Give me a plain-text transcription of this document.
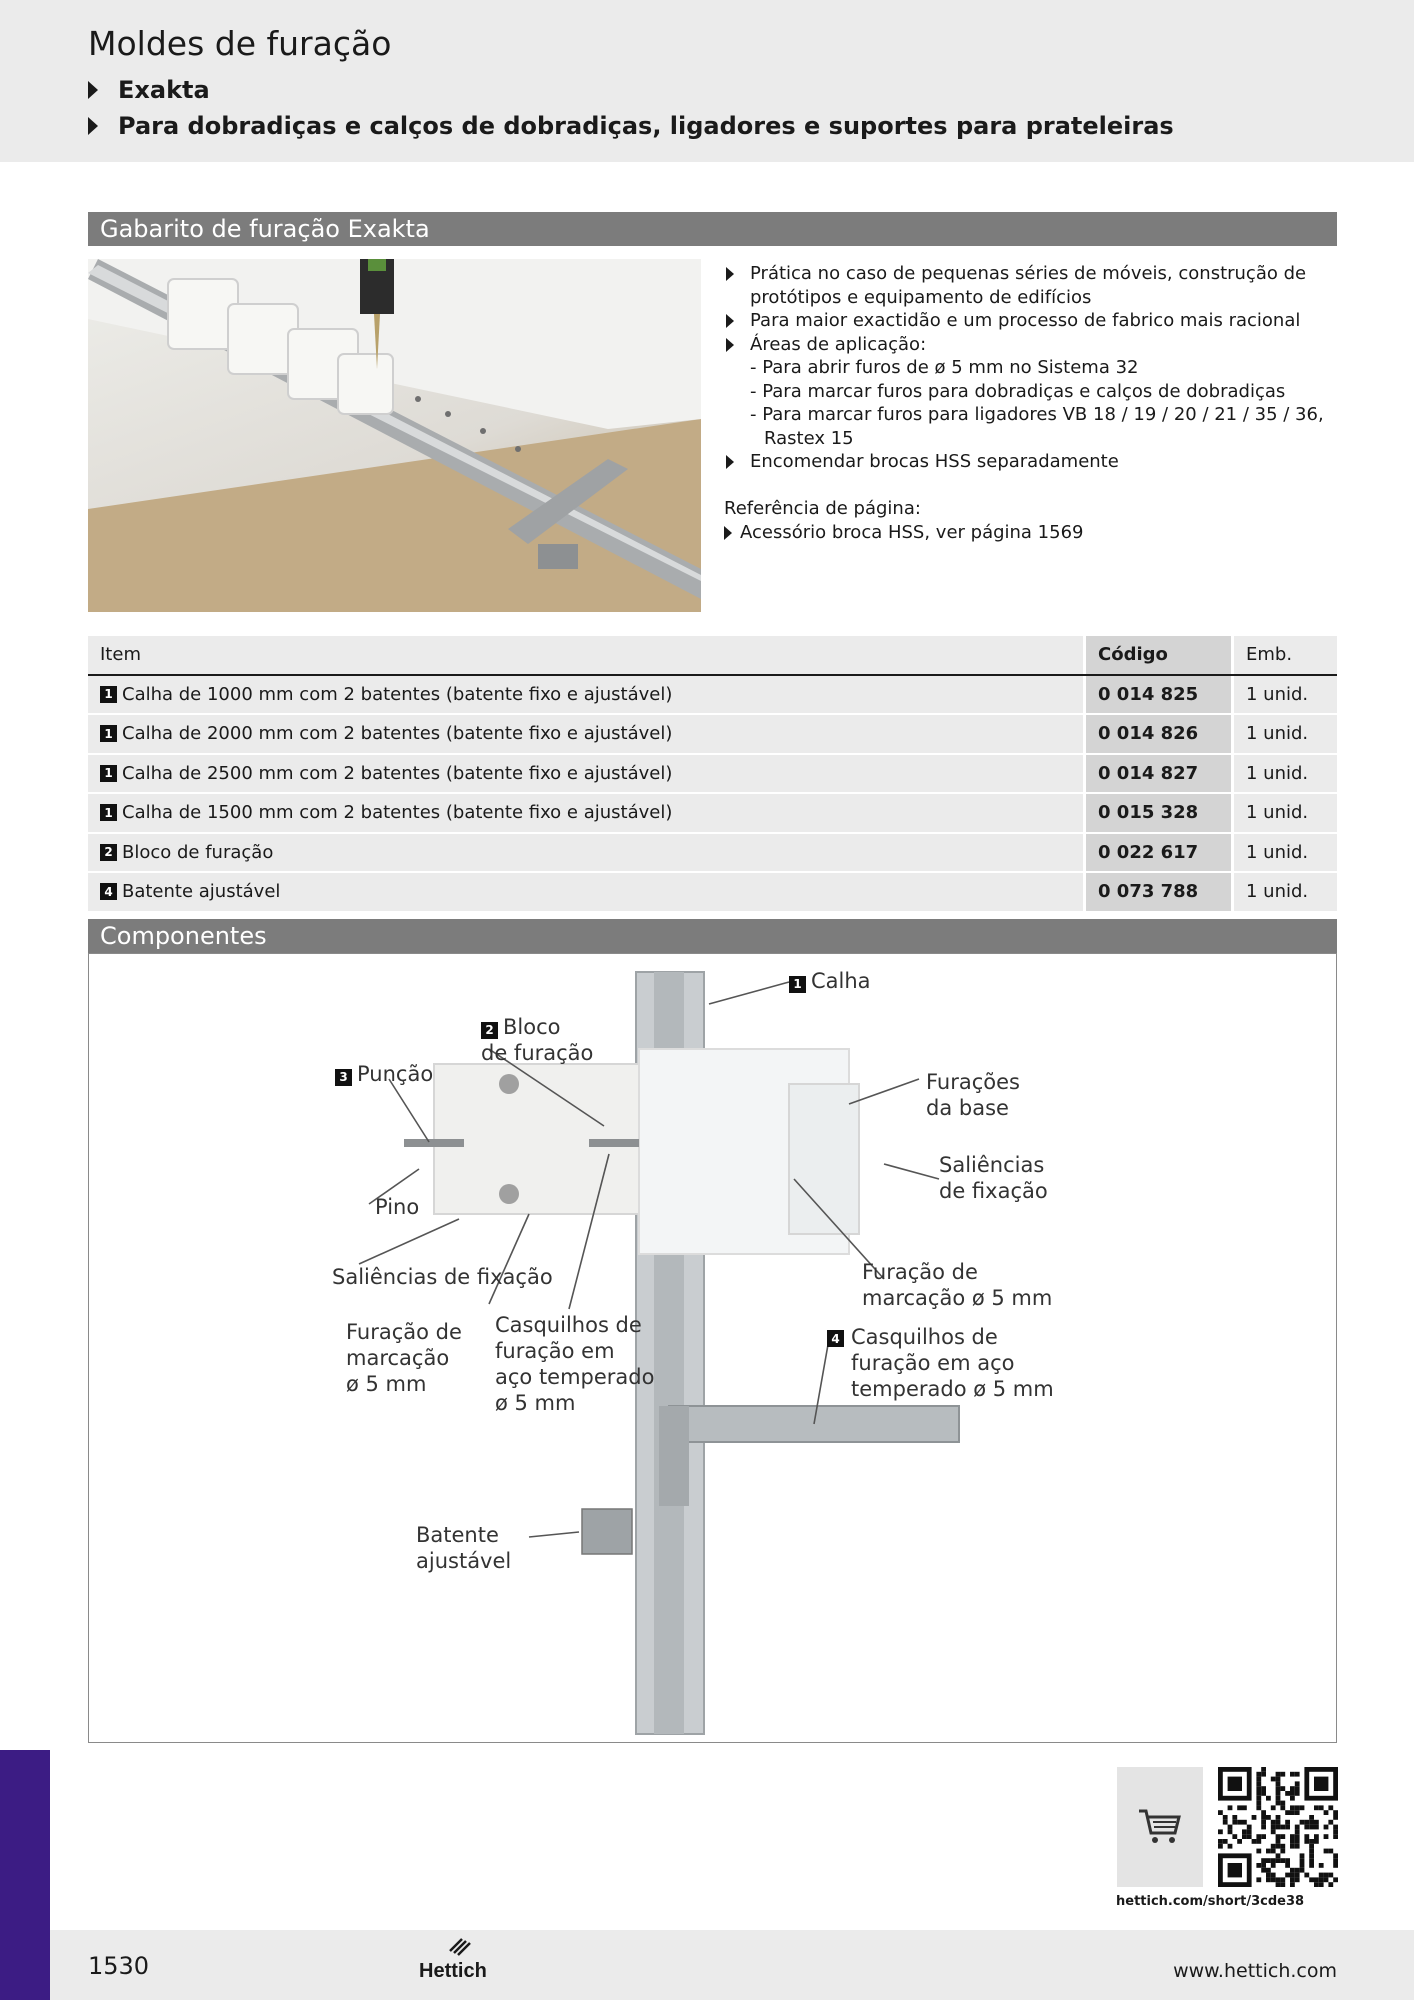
Moldes de furação
Exakta
Para dobradiças e calços de dobradiças, ligadores e suportes para prateleiras
Gabarito de furação Exakta
Prática no caso de pequenas séries de móveis, construção de
protótipos e equipamento de edifícios
Para maior exactidão e um processo de fabrico mais racional
Áreas de aplicação:
- Para abrir furos de ø 5 mm no Sistema 32
- Para marcar furos para dobradiças e calços de dobradiças
- Para marcar furos para ligadores VB 18 / 19 / 20 / 21 / 35 / 36,
Rastex 15
Encomendar brocas HSS separadamente
Referência de página:
Acessório broca HSS, ver página 1569
Item	Código	Emb.
1 Calha de 1000 mm com 2 batentes (batente fixo e ajustável)	0 014 825	1 unid.
1 Calha de 2000 mm com 2 batentes (batente fixo e ajustável)	0 014 826	1 unid.
1 Calha de 2500 mm com 2 batentes (batente fixo e ajustável)	0 014 827	1 unid.
1 Calha de 1500 mm com 2 batentes (batente fixo e ajustável)	0 015 328	1 unid.
2 Bloco de furação	0 022 617	1 unid.
4 Batente ajustável	0 073 788	1 unid.
Componentes
1 Calha
2 Bloco
de furação
3 Punção
Pino
Saliências de fixação
Furação de
marcação
ø 5 mm
Casquilhos de
furação em
aço temperado
ø 5 mm
Furações
da base
Saliências
de fixação
Furação de
marcação ø 5 mm
4 Casquilhos de
furação em aço
temperado ø 5 mm
Batente
ajustável
hettich.com/short/3cde38
1530	Hettich	www.hettich.com
